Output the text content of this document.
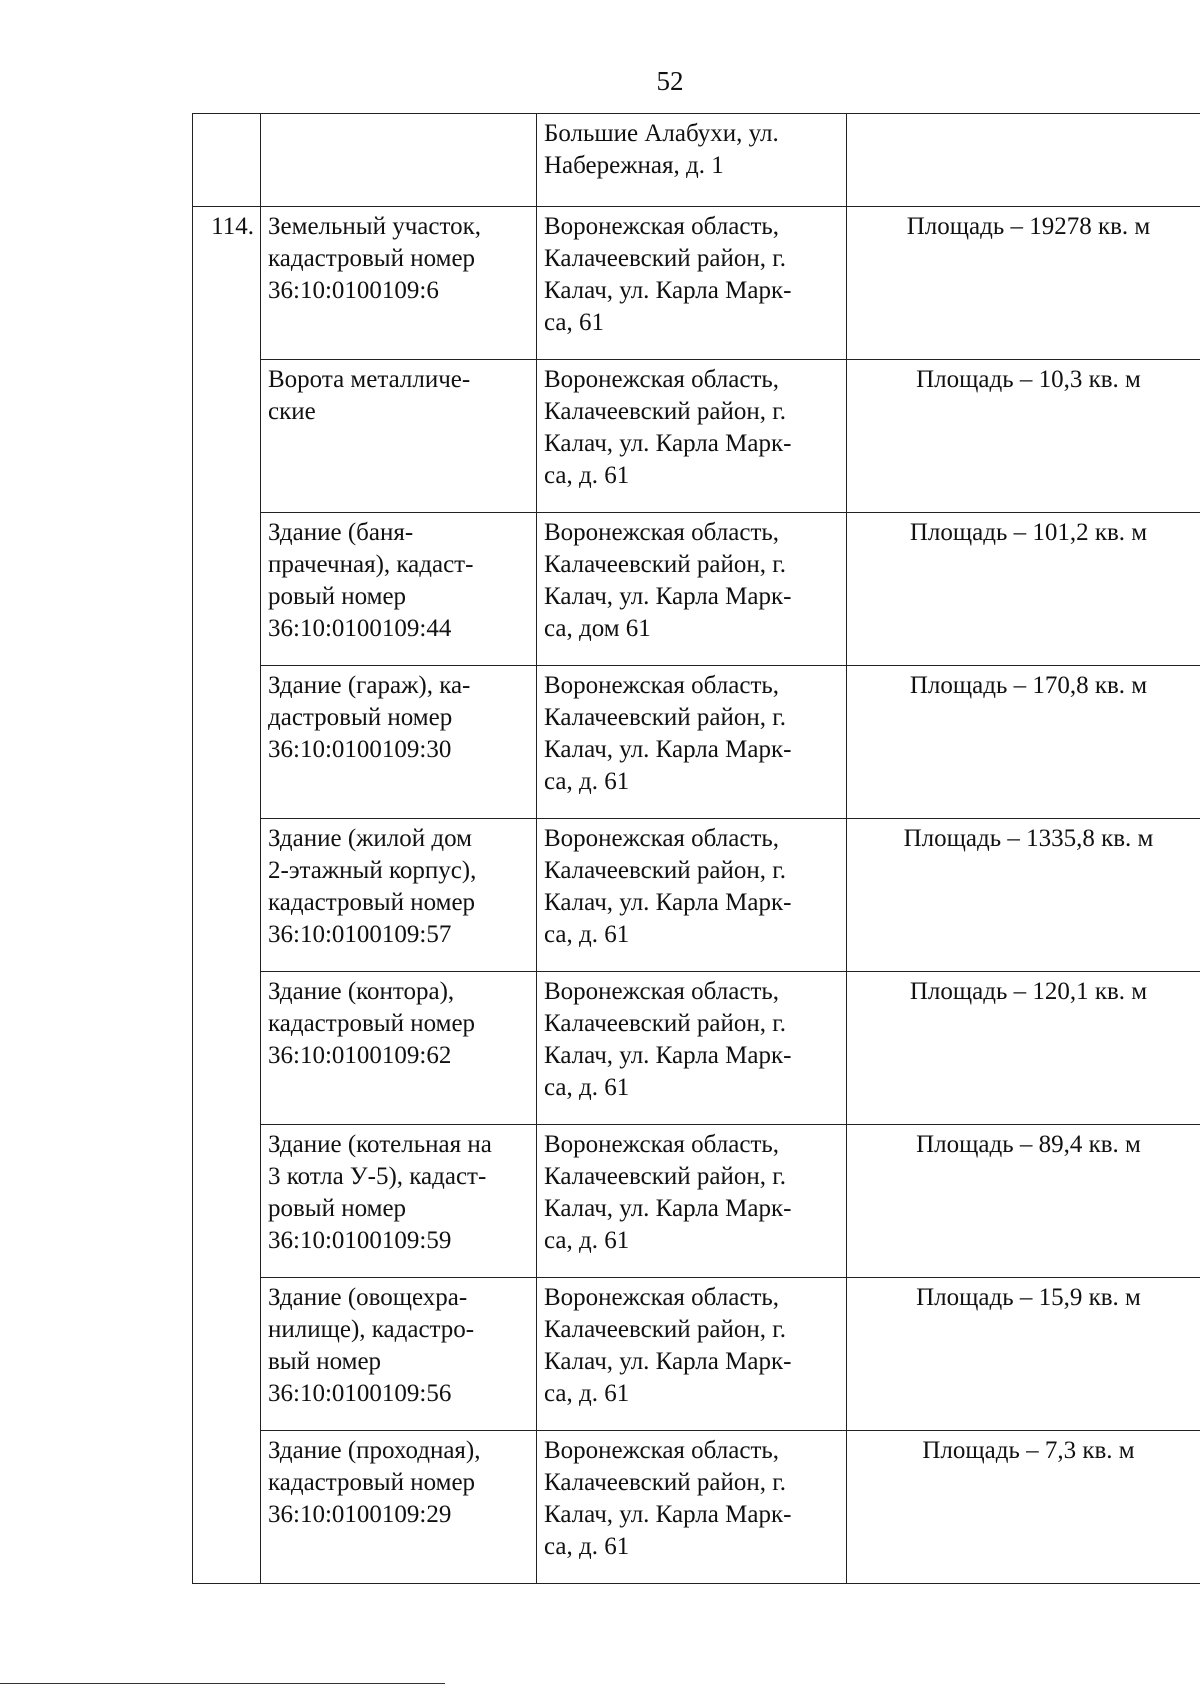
52

		Большие Алабухи, ул.
Набережная, д. 1	

114.	Земельный участок,
кадастровый номер
36:10:0100109:6	Воронежская область,
Калачеевский район, г.
Калач, ул. Карла Марк-
са, 61	Площадь – 19278 кв. м

	Ворота металличе-
ские	Воронежская область,
Калачеевский район, г.
Калач, ул. Карла Марк-
са, д. 61	Площадь – 10,3 кв. м

	Здание (баня-
прачечная), кадаст-
ровый номер
36:10:0100109:44	Воронежская область,
Калачеевский район, г.
Калач, ул. Карла Марк-
са, дом 61	Площадь – 101,2 кв. м

	Здание (гараж), ка-
дастровый номер
36:10:0100109:30	Воронежская область,
Калачеевский район, г.
Калач, ул. Карла Марк-
са, д. 61	Площадь – 170,8 кв. м

	Здание (жилой дом
2-этажный корпус),
кадастровый номер
36:10:0100109:57	Воронежская область,
Калачеевский район, г.
Калач, ул. Карла Марк-
са, д. 61	Площадь – 1335,8 кв. м

	Здание (контора),
кадастровый номер
36:10:0100109:62	Воронежская область,
Калачеевский район, г.
Калач, ул. Карла Марк-
са, д. 61	Площадь – 120,1 кв. м

	Здание (котельная на
3 котла У-5), кадаст-
ровый номер
36:10:0100109:59	Воронежская область,
Калачеевский район, г.
Калач, ул. Карла Марк-
са, д. 61	Площадь – 89,4 кв. м

	Здание (овощехра-
нилище), кадастро-
вый номер
36:10:0100109:56	Воронежская область,
Калачеевский район, г.
Калач, ул. Карла Марк-
са, д. 61	Площадь – 15,9 кв. м

	Здание (проходная),
кадастровый номер
36:10:0100109:29	Воронежская область,
Калачеевский район, г.
Калач, ул. Карла Марк-
са, д. 61	Площадь – 7,3 кв. м
